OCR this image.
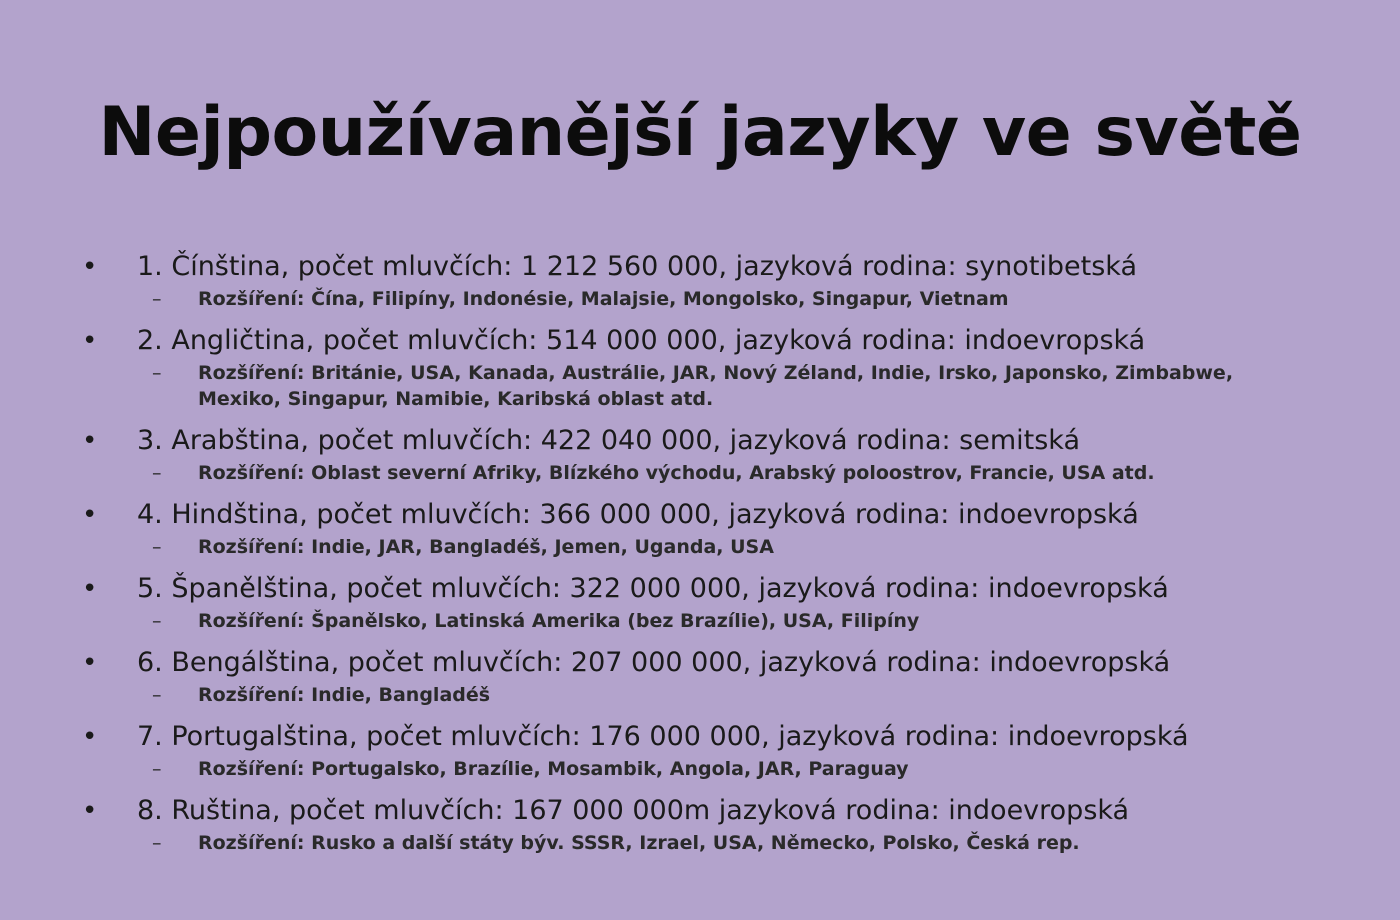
Nejpoužívanější jazyky ve světě
• 1. Čínština, počet mluvčích: 1 212 560 000, jazyková rodina: synotibetská
– Rozšíření: Čína, Filipíny, Indonésie, Malajsie, Mongolsko, Singapur, Vietnam
• 2. Angličtina, počet mluvčích: 514 000 000, jazyková rodina: indoevropská
– Rozšíření: Británie, USA, Kanada, Austrálie, JAR, Nový Zéland, Indie, Irsko, Japonsko, Zimbabwe, Mexiko, Singapur, Namibie, Karibská oblast atd.
• 3. Arabština, počet mluvčích: 422 040 000, jazyková rodina: semitská
– Rozšíření: Oblast severní Afriky, Blízkého východu, Arabský poloostrov, Francie, USA atd.
• 4. Hindština, počet mluvčích: 366 000 000, jazyková rodina: indoevropská
– Rozšíření: Indie, JAR, Bangladéš, Jemen, Uganda, USA
• 5. Španělština, počet mluvčích: 322 000 000, jazyková rodina: indoevropská
– Rozšíření: Španělsko, Latinská Amerika (bez Brazílie), USA, Filipíny
• 6. Bengálština, počet mluvčích: 207 000 000, jazyková rodina: indoevropská
– Rozšíření: Indie, Bangladéš
• 7. Portugalština, počet mluvčích: 176 000 000, jazyková rodina: indoevropská
– Rozšíření: Portugalsko, Brazílie, Mosambik, Angola, JAR, Paraguay
• 8. Ruština, počet mluvčích: 167 000 000m jazyková rodina: indoevropská
– Rozšíření: Rusko a další státy býv. SSSR, Izrael, USA, Německo, Polsko, Česká rep.
